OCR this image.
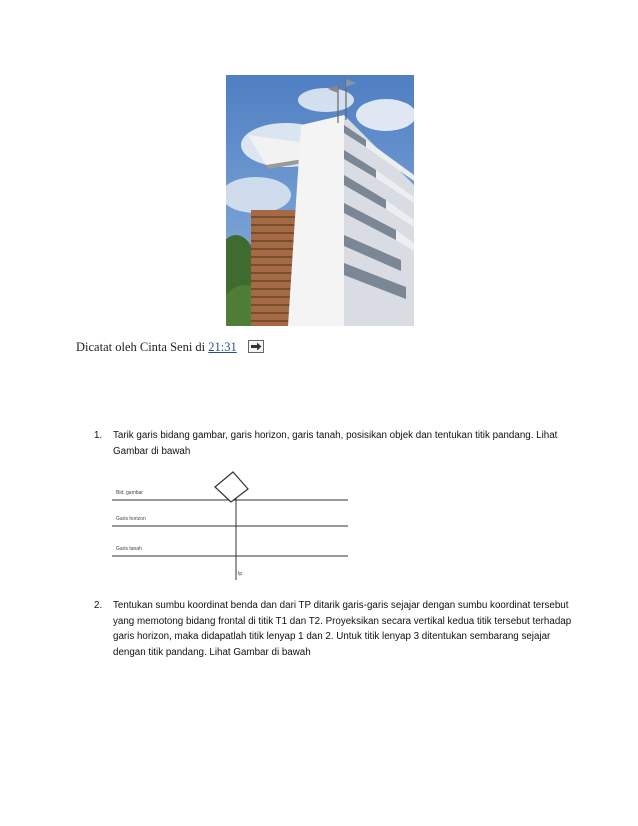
Dicatat oleh Cinta Seni di 21:31
1. Tarik garis bidang gambar, garis horizon, garis tanah, posisikan objek dan tentukan titik pandang. Lihat Gambar di bawah
Bid. gambar
Garis horizon
Garis tanah
tp
2. Tentukan sumbu koordinat benda dan dari TP ditarik garis-garis sejajar dengan sumbu koordinat tersebut yang memotong bidang frontal di titik T1 dan T2. Proyeksikan secara vertikal kedua titik tersebut terhadap garis horizon, maka didapatlah titik lenyap 1 dan 2. Untuk titik lenyap 3 ditentukan sembarang sejajar dengan titik pandang. Lihat Gambar di bawah
